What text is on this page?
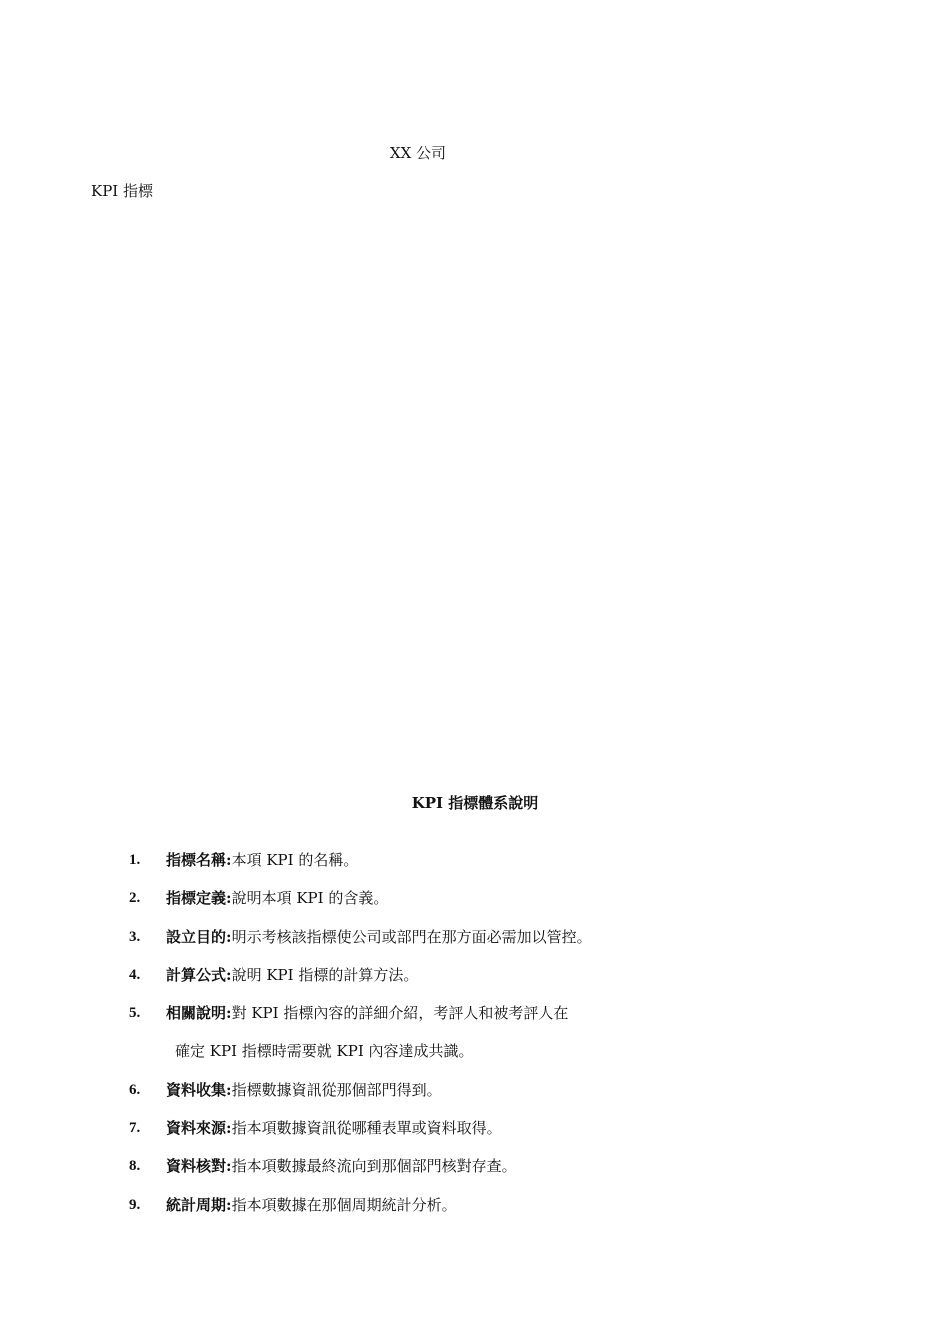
XX 公司
KPI 指標
KPI 指標體系說明
1. 指標名稱:本項 KPI 的名稱。
2. 指標定義:說明本項 KPI 的含義。
3. 設立目的:明示考核該指標使公司或部門在那方面必需加以管控。
4. 計算公式:說明 KPI 指標的計算方法。
5. 相關說明:對 KPI 指標內容的詳細介紹，考評人和被考評人在
確定 KPI 指標時需要就 KPI 內容達成共識。
6. 資料收集:指標數據資訊從那個部門得到。
7. 資料來源:指本項數據資訊從哪種表單或資料取得。
8. 資料核對:指本項數據最終流向到那個部門核對存查。
9. 統計周期:指本項數據在那個周期統計分析。
